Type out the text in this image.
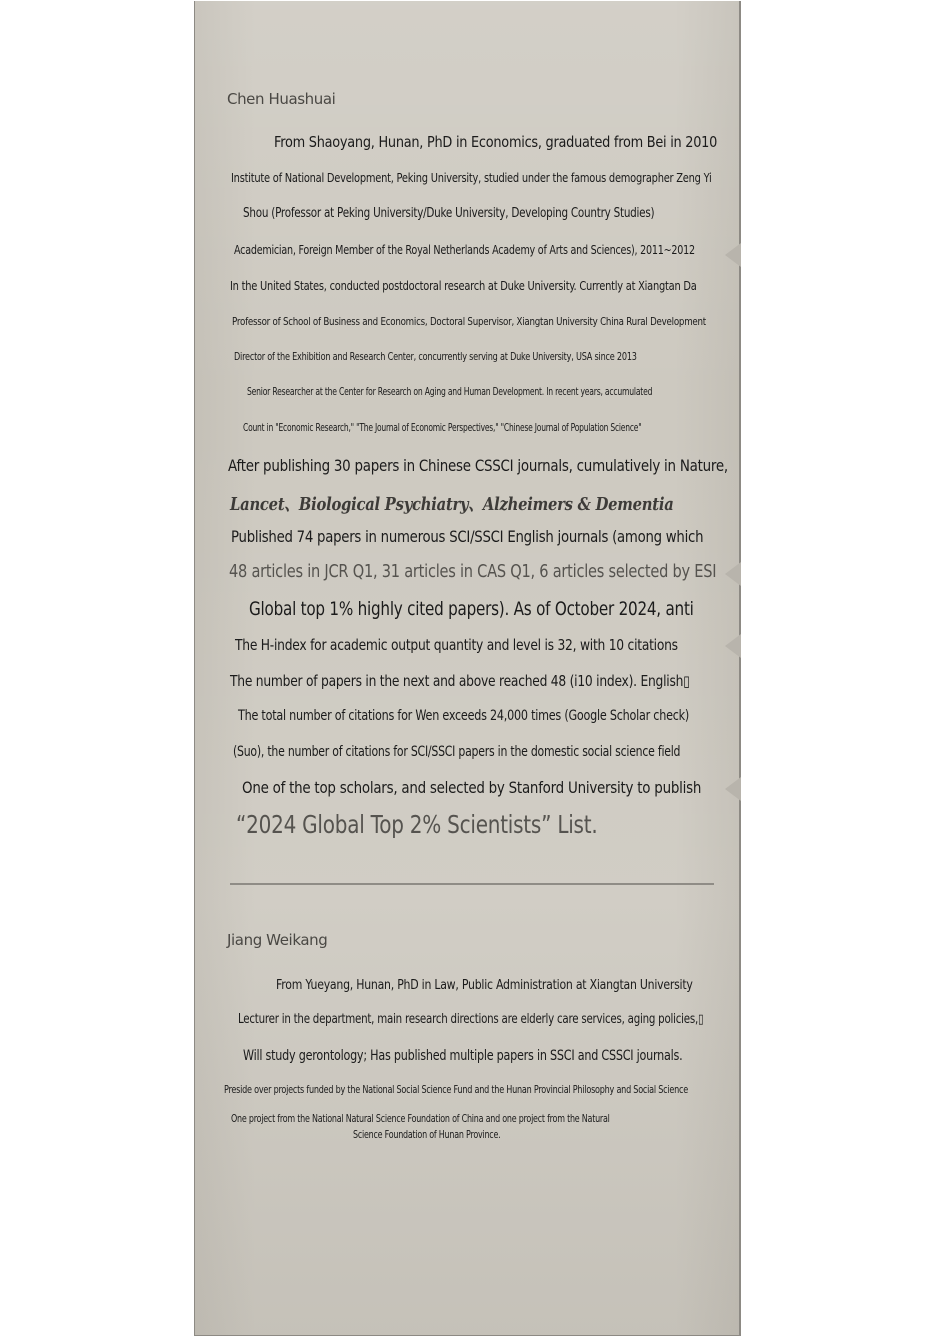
Chen Huashuai
From Shaoyang, Hunan, PhD in Economics, graduated from Bei in 2010
Institute of National Development, Peking University, studied under the famous demographer Zeng Yi
Shou (Professor at Peking University/Duke University, Developing Country Studies)
Academician, Foreign Member of the Royal Netherlands Academy of Arts and Sciences), 2011~2012
In the United States, conducted postdoctoral research at Duke University. Currently at Xiangtan Da
Professor of School of Business and Economics, Doctoral Supervisor, Xiangtan University China Rural Development
Director of the Exhibition and Research Center, concurrently serving at Duke University, USA since 2013
Senior Researcher at the Center for Research on Aging and Human Development. In recent years, accumulated
Count in "Economic Research," "The Journal of Economic Perspectives," "Chinese Journal of Population Science"
After publishing 30 papers in Chinese CSSCI journals, cumulatively in Nature,
Lancet、Biological Psychiatry、Alzheimers & Dementia
Published 74 papers in numerous SCI/SSCI English journals (among which
48 articles in JCR Q1, 31 articles in CAS Q1, 6 articles selected by ESI
Global top 1% highly cited papers). As of October 2024, anti
The H-index for academic output quantity and level is 32, with 10 citations
The number of papers in the next and above reached 48 (i10 index). English▯
The total number of citations for Wen exceeds 24,000 times (Google Scholar check)
(Suo), the number of citations for SCI/SSCI papers in the domestic social science field
One of the top scholars, and selected by Stanford University to publish
“2024 Global Top 2% Scientists” List.
Jiang Weikang
From Yueyang, Hunan, PhD in Law, Public Administration at Xiangtan University
Lecturer in the department, main research directions are elderly care services, aging policies,▯
Will study gerontology; Has published multiple papers in SSCI and CSSCI journals.
Preside over projects funded by the National Social Science Fund and the Hunan Provincial Philosophy and Social Science
One project from the National Natural Science Foundation of China and one project from the Natural
Science Foundation of Hunan Province.
